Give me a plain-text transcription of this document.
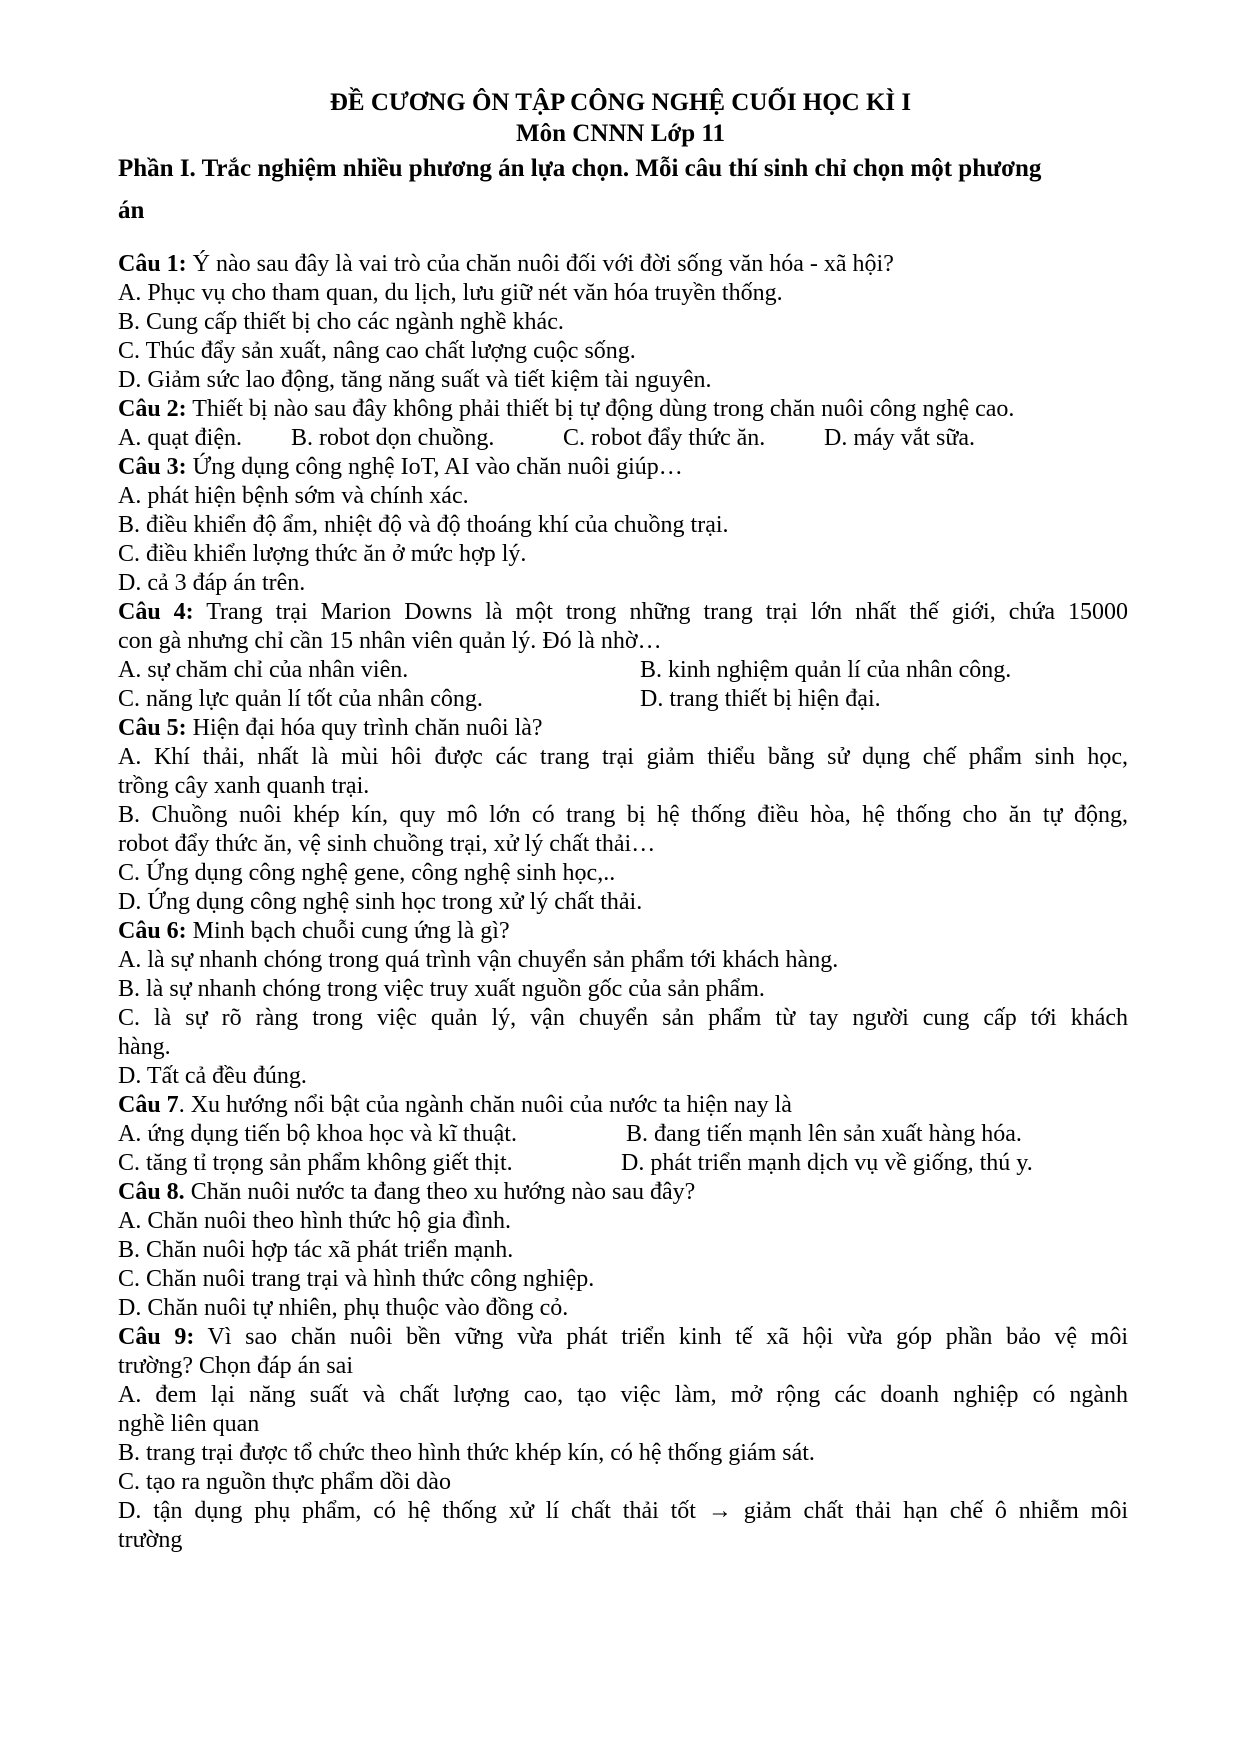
ĐỀ CƯƠNG ÔN TẬP CÔNG NGHỆ CUỐI HỌC KÌ I
Môn CNNN Lớp 11
Phần I. Trắc nghiệm nhiều phương án lựa chọn. Mỗi câu thí sinh chỉ chọn một phương
án
Câu 1: Ý nào sau đây là vai trò của chăn nuôi đối với đời sống văn hóa - xã hội?
A. Phục vụ cho tham quan, du lịch, lưu giữ nét văn hóa truyền thống.
B. Cung cấp thiết bị cho các ngành nghề khác.
C. Thúc đẩy sản xuất, nâng cao chất lượng cuộc sống.
D. Giảm sức lao động, tăng năng suất và tiết kiệm tài nguyên.
Câu 2: Thiết bị nào sau đây không phải thiết bị tự động dùng trong chăn nuôi công nghệ cao.
A. quạt điện. B. robot dọn chuồng.	C. robot đẩy thức ăn. D. máy vắt sữa.
Câu 3: Ứng dụng công nghệ IoT, AI vào chăn nuôi giúp…
A. phát hiện bệnh sớm và chính xác.
B. điều khiển độ ẩm, nhiệt độ và độ thoáng khí của chuồng trại.
C. điều khiển lượng thức ăn ở mức hợp lý.
D. cả 3 đáp án trên.
Câu 4: Trang trại Marion Downs là một trong những trang trại lớn nhất thế giới, chứa 15000
con gà nhưng chỉ cần 15 nhân viên quản lý. Đó là nhờ…
A. sự chăm chỉ của nhân viên.	B. kinh nghiệm quản lí của nhân công.
C. năng lực quản lí tốt của nhân công.	D. trang thiết bị hiện đại.
Câu 5: Hiện đại hóa quy trình chăn nuôi là?
A. Khí thải, nhất là mùi hôi được các trang trại giảm thiểu bằng sử dụng chế phẩm sinh học,
trồng cây xanh quanh trại.
B. Chuồng nuôi khép kín, quy mô lớn có trang bị hệ thống điều hòa, hệ thống cho ăn tự động,
robot đẩy thức ăn, vệ sinh chuồng trại, xử lý chất thải…
C. Ứng dụng công nghệ gene, công nghệ sinh học,..
D. Ứng dụng công nghệ sinh học trong xử lý chất thải.
Câu 6: Minh bạch chuỗi cung ứng là gì?
A. là sự nhanh chóng trong quá trình vận chuyển sản phẩm tới khách hàng.
B. là sự nhanh chóng trong việc truy xuất nguồn gốc của sản phẩm.
C. là sự rõ ràng trong việc quản lý, vận chuyển sản phẩm từ tay người cung cấp tới khách
hàng.
D. Tất cả đều đúng.
Câu 7. Xu hướng nổi bật của ngành chăn nuôi của nước ta hiện nay là
A. ứng dụng tiến bộ khoa học và kĩ thuật.	B. đang tiến mạnh lên sản xuất hàng hóa.
C. tăng tỉ trọng sản phẩm không giết thịt.	D. phát triển mạnh dịch vụ về giống, thú y.
Câu 8. Chăn nuôi nước ta đang theo xu hướng nào sau đây?
A. Chăn nuôi theo hình thức hộ gia đình.
B. Chăn nuôi hợp tác xã phát triển mạnh.
C. Chăn nuôi trang trại và hình thức công nghiệp.
D. Chăn nuôi tự nhiên, phụ thuộc vào đồng cỏ.
Câu 9: Vì sao chăn nuôi bền vững vừa phát triển kinh tế xã hội vừa góp phần bảo vệ môi
trường? Chọn đáp án sai
A. đem lại năng suất và chất lượng cao, tạo việc làm, mở rộng các doanh nghiệp có ngành
nghề liên quan
B. trang trại được tổ chức theo hình thức khép kín, có hệ thống giám sát.
C. tạo ra nguồn thực phẩm dồi dào
D. tận dụng phụ phẩm, có hệ thống xử lí chất thải tốt → giảm chất thải hạn chế ô nhiễm môi
trường
